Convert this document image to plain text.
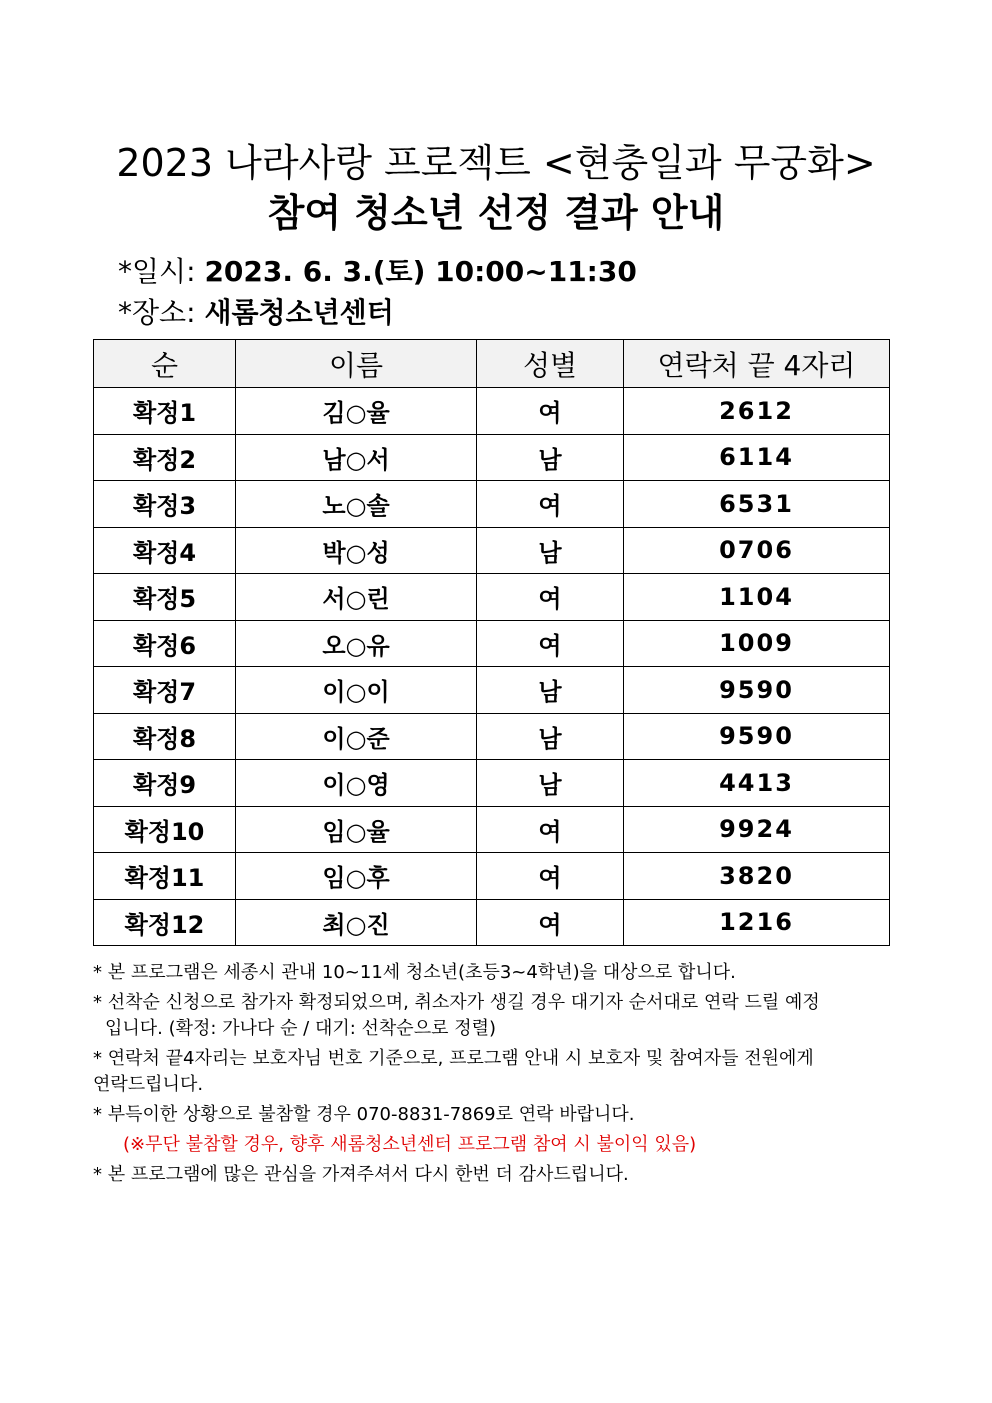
2023 나라사랑 프로젝트 <현충일과 무궁화>
참여 청소년 선정 결과 안내
*일시: 2023. 6. 3.(토) 10:00~11:30
*장소: 새롬청소년센터
순	이름	성별	연락처 끝 4자리
확정1	김○율	여	2612
확정2	남○서	남	6114
확정3	노○솔	여	6531
확정4	박○성	남	0706
확정5	서○린	여	1104
확정6	오○유	여	1009
확정7	이○이	남	9590
확정8	이○준	남	9590
확정9	이○영	남	4413
확정10	임○율	여	9924
확정11	임○후	여	3820
확정12	최○진	여	1216
* 본 프로그램은 세종시 관내 10~11세 청소년(초등3~4학년)을 대상으로 합니다.
* 선착순 신청으로 참가자 확정되었으며, 취소자가 생길 경우 대기자 순서대로 연락 드릴 예정
입니다. (확정: 가나다 순 / 대기: 선착순으로 정렬)
* 연락처 끝4자리는 보호자님 번호 기준으로, 프로그램 안내 시 보호자 및 참여자들 전원에게
연락드립니다.
* 부득이한 상황으로 불참할 경우 070-8831-7869로 연락 바랍니다.
(※무단 불참할 경우, 향후 새롬청소년센터 프로그램 참여 시 불이익 있음)
* 본 프로그램에 많은 관심을 가져주셔서 다시 한번 더 감사드립니다.
